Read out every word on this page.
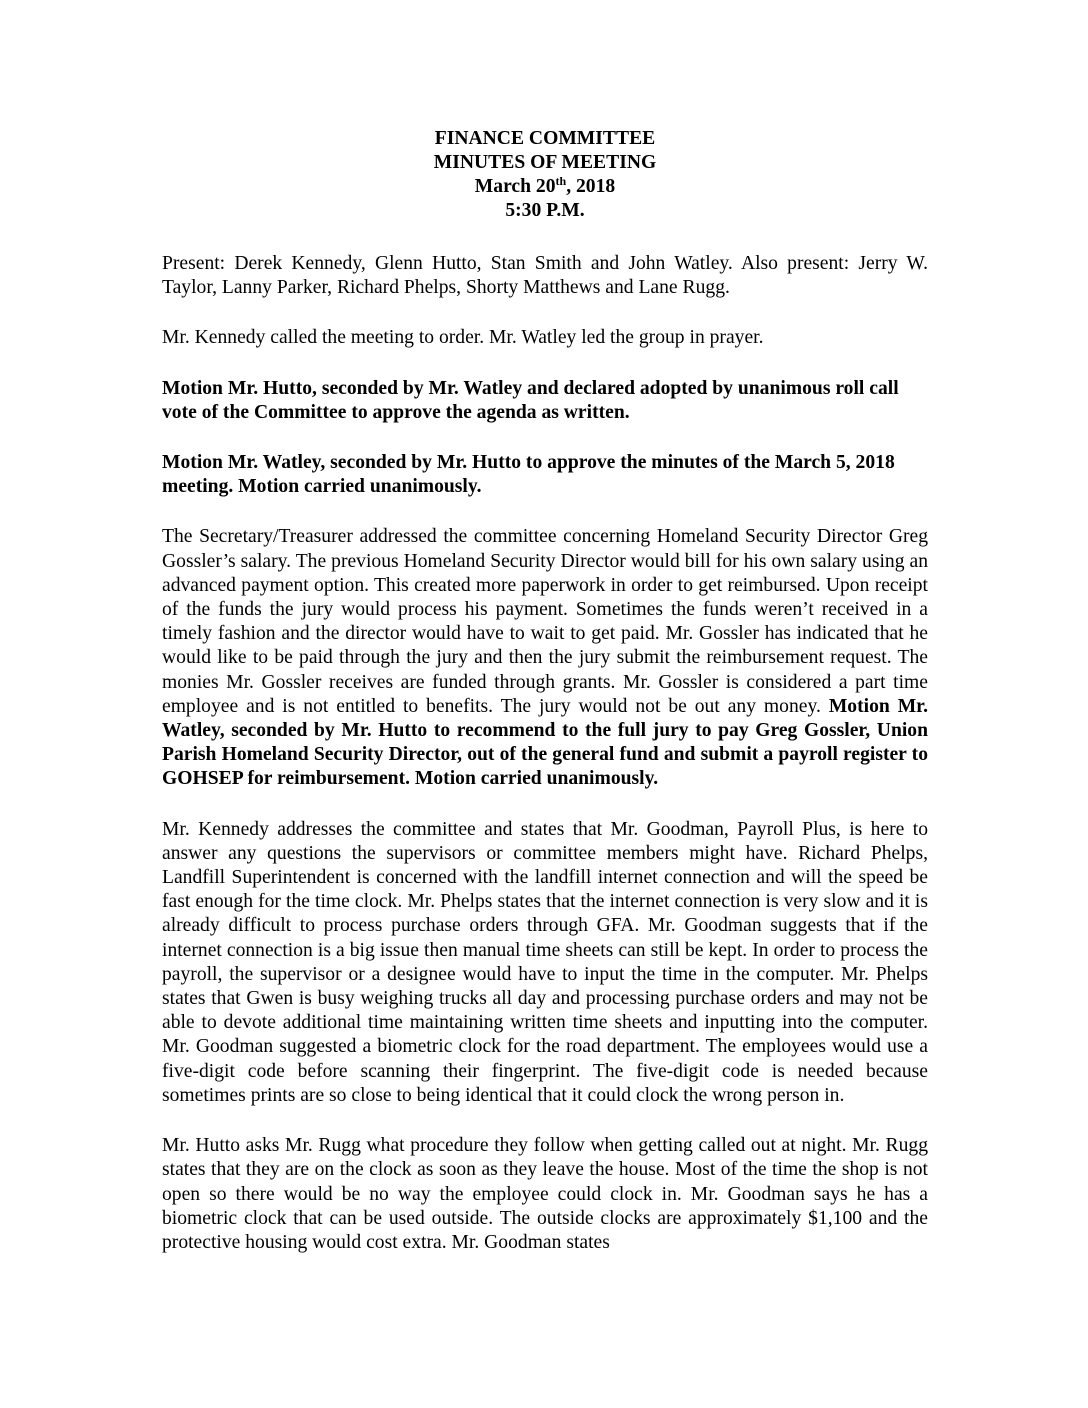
FINANCE COMMITTEE
MINUTES OF MEETING
March 20th, 2018
5:30 P.M.

Present: Derek Kennedy, Glenn Hutto, Stan Smith and John Watley. Also present: Jerry W. Taylor, Lanny Parker, Richard Phelps, Shorty Matthews and Lane Rugg.

Mr. Kennedy called the meeting to order. Mr. Watley led the group in prayer.

Motion Mr. Hutto, seconded by Mr. Watley and declared adopted by unanimous roll call vote of the Committee to approve the agenda as written.

Motion Mr. Watley, seconded by Mr. Hutto to approve the minutes of the March 5, 2018 meeting. Motion carried unanimously.

The Secretary/Treasurer addressed the committee concerning Homeland Security Director Greg Gossler’s salary. The previous Homeland Security Director would bill for his own salary using an advanced payment option. This created more paperwork in order to get reimbursed. Upon receipt of the funds the jury would process his payment. Sometimes the funds weren’t received in a timely fashion and the director would have to wait to get paid. Mr. Gossler has indicated that he would like to be paid through the jury and then the jury submit the reimbursement request. The monies Mr. Gossler receives are funded through grants. Mr. Gossler is considered a part time employee and is not entitled to benefits. The jury would not be out any money. Motion Mr. Watley, seconded by Mr. Hutto to recommend to the full jury to pay Greg Gossler, Union Parish Homeland Security Director, out of the general fund and submit a payroll register to GOHSEP for reimbursement. Motion carried unanimously.

Mr. Kennedy addresses the committee and states that Mr. Goodman, Payroll Plus, is here to answer any questions the supervisors or committee members might have. Richard Phelps, Landfill Superintendent is concerned with the landfill internet connection and will the speed be fast enough for the time clock. Mr. Phelps states that the internet connection is very slow and it is already difficult to process purchase orders through GFA. Mr. Goodman suggests that if the internet connection is a big issue then manual time sheets can still be kept. In order to process the payroll, the supervisor or a designee would have to input the time in the computer. Mr. Phelps states that Gwen is busy weighing trucks all day and processing purchase orders and may not be able to devote additional time maintaining written time sheets and inputting into the computer. Mr. Goodman suggested a biometric clock for the road department. The employees would use a five-digit code before scanning their fingerprint. The five-digit code is needed because sometimes prints are so close to being identical that it could clock the wrong person in.

Mr. Hutto asks Mr. Rugg what procedure they follow when getting called out at night. Mr. Rugg states that they are on the clock as soon as they leave the house. Most of the time the shop is not open so there would be no way the employee could clock in. Mr. Goodman says he has a biometric clock that can be used outside. The outside clocks are approximately $1,100 and the protective housing would cost extra. Mr. Goodman states
